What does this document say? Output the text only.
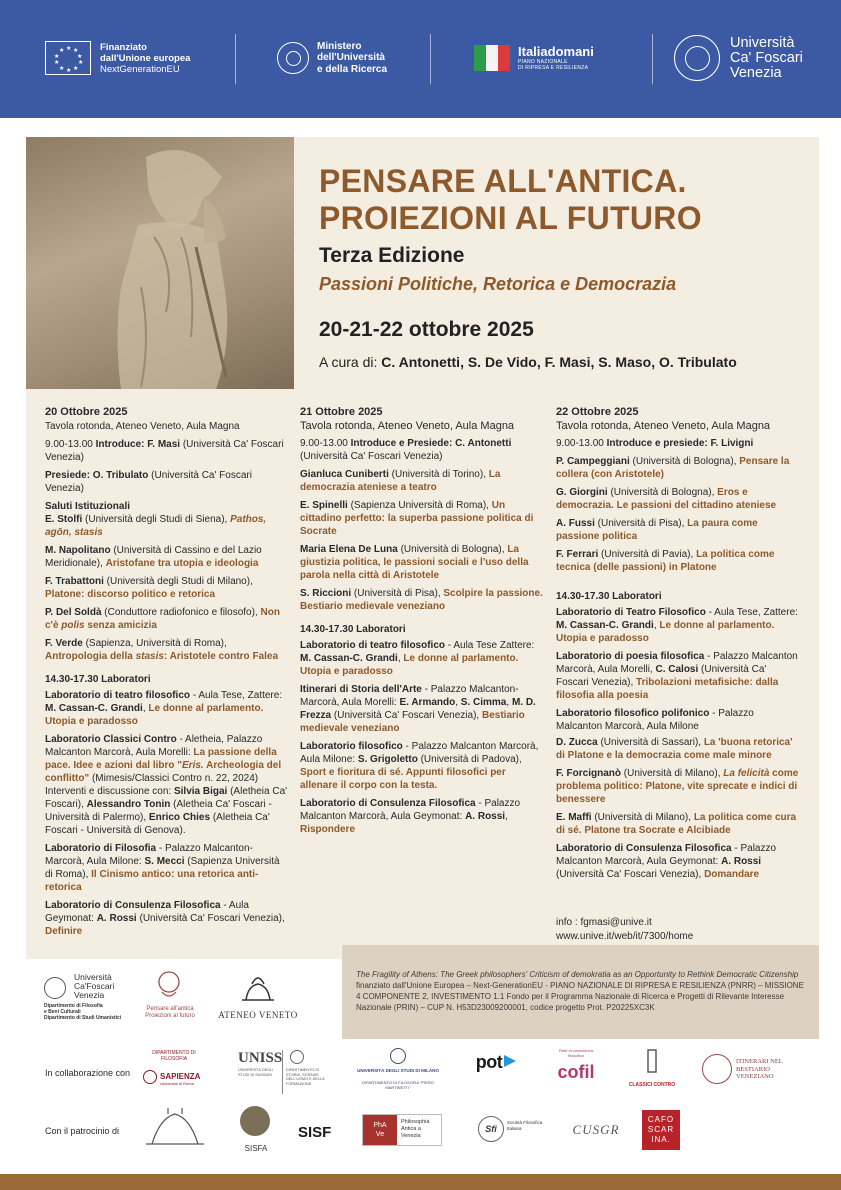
★ ★
★
★
★
★
★
★
★
★	Finanziato
dall'Unione europea
NextGenerationEU
Ministero
dell'Università
e della Ricerca
Italiadomani
PIANO NAZIONALE
DI RIPRESA E RESILIENZA
Università
Ca' Foscari
Venezia
PENSARE ALL'ANTICA.
PROIEZIONI AL FUTURO
Terza Edizione
Passioni Politiche, Retorica e Democrazia
20-21-22 ottobre 2025
A cura di: C. Antonetti, S. De Vido, F. Masi, S. Maso, O. Tribulato
20 Ottobre 2025
Tavola rotonda, Ateneo Veneto, Aula Magna

9.00-13.00 Introduce: F. Masi (Università Ca' Foscari Venezia)

Presiede: O. Tribulato (Università Ca' Foscari Venezia)

Saluti Istituzionali

E. Stolfi (Università degli Studi di Siena), Pathos, agōn, stasis

M. Napolitano (Università di Cassino e del Lazio Meridionale), Aristofane tra utopia e ideologia

F. Trabattoni (Università degli Studi di Milano), Platone: discorso politico e retorica

P. Del Soldà (Conduttore radiofonico e filosofo), Non c'è polis senza amicizia

F. Verde (Sapienza, Università di Roma), Antropologia della stasis: Aristotele contro Falea

14.30-17.30 Laboratori

Laboratorio di teatro filosofico - Aula Tese, Zattere: M. Cassan-C. Grandi, Le donne al parlamento. Utopia e paradosso

Laboratorio Classici Contro - Aletheia, Palazzo Malcanton Marcorà, Aula Morelli: La passione della pace. Idee e azioni dal libro "Eris. Archeologia del conflitto" (Mimesis/Classici Contro n. 22, 2024) Interventi e discussione con: Silvia Bigai (Aletheia Ca' Foscari), Alessandro Tonin (Aletheia Ca' Foscari - Università di Palermo), Enrico Chies (Aletheia Ca' Foscari - Università di Genova).

Laboratorio di Filosofia - Palazzo Malcanton-Marcorà, Aula Milone: S. Mecci (Sapienza Università di Roma), Il Cinismo antico: una retorica anti-retorica

Laboratorio di Consulenza Filosofica - Aula Geymonat: A. Rossi (Università Ca' Foscari Venezia), Definire

21 Ottobre 2025
Tavola rotonda, Ateneo Veneto, Aula Magna

9.00-13.00 Introduce e Presiede: C. Antonetti (Università Ca' Foscari Venezia)

Gianluca Cuniberti (Università di Torino), La democrazia ateniese a teatro

E. Spinelli (Sapienza Università di Roma), Un cittadino perfetto: la superba passione politica di Socrate

Maria Elena De Luna (Università di Bologna), La giustizia politica, le passioni sociali e l'uso della parola nella città di Aristotele

S. Riccioni (Università di Pisa), Scolpire la passione. Bestiario medievale veneziano

14.30-17.30 Laboratori

Laboratorio di teatro filosofico - Aula Tese Zattere: M. Cassan-C. Grandi, Le donne al parlamento. Utopia e paradosso

Itinerari di Storia dell'Arte - Palazzo Malcanton-Marcorà, Aula Morelli: E. Armando, S. Cimma, M. D. Frezza (Università Ca' Foscari Venezia), Bestiario medievale veneziano

Laboratorio filosofico - Palazzo Malcanton Marcorà, Aula Milone: S. Grigoletto (Università di Padova), Sport e fioritura di sé. Appunti filosofici per allenare il corpo con la testa.

Laboratorio di Consulenza Filosofica - Palazzo Malcanton Marcorà, Aula Geymonat: A. Rossi, Rispondere

22 Ottobre 2025
Tavola rotonda, Ateneo Veneto, Aula Magna

9.00-13.00 Introduce e presiede: F. Livigni

P. Campeggiani (Università di Bologna), Pensare la collera (con Aristotele)

G. Giorgini (Università di Bologna), Eros e democrazia. Le passioni del cittadino ateniese

A. Fussi (Università di Pisa), La paura come passione politica

F. Ferrari (Università di Pavia), La politica come tecnica (delle passioni) in Platone

14.30-17.30 Laboratori

Laboratorio di Teatro Filosofico - Aula Tese, Zattere: M. Cassan-C. Grandi, Le donne al parlamento. Utopia e paradosso

Laboratorio di poesia filosofica - Palazzo Malcanton Marcorà, Aula Morelli, C. Calosi (Università Ca' Foscari Venezia), Tribolazioni metafisiche: dalla filosofia alla poesia

Laboratorio filosofico polifonico - Palazzo Malcanton Marcorà, Aula Milone

D. Zucca (Università di Sassari), La 'buona retorica' di Platone e la democrazia come male minore

F. Forcignanò (Università di Milano), La felicità come problema politico: Platone, vite sprecate e indici di benessere

E. Maffi (Università di Milano), La politica come cura di sé. Platone tra Socrate e Alcibiade

Laboratorio di Consulenza Filosofica - Palazzo Malcanton Marcorà, Aula Geymonat: A. Rossi (Università Ca' Foscari Venezia), Domandare

info : fgmasi@unive.it
www.unive.it/web/it/7300/home
The Fragility of Athens: The Greek philosophers' Criticism of demokratia as an Opportunity to Rethink Democratic Citizenship finanziato dall'Unione Europea – Next-GenerationEU - PIANO NAZIONALE DI RIPRESA E RESILIENZA (PNRR) – MISSIONE 4 COMPONENTE 2, INVESTIMENTO 1.1 Fondo per il Programma Nazionale di Ricerca e Progetti di Rilevante Interesse Nazionale (PRIN) – CUP N. H53D23009200001, codice progetto Prot. P20225XC3K
Università
Ca'Foscari
Venezia
Dipartimento di Filosofia
e Beni Culturali
Dipartimento di Studi Umanistici
Pensare all'antica
Proiezioni al futuro	ATENEO VENETO
In collaborazione con
DIPARTIMENTO DI FILOSOFIA
SAPIENZA
Università di Roma
UNISS
UNIVERSITÀ DEGLI STUDI DI SASSARI
DIPARTIMENTO DI STORIA, SCIENZE DELL'UOMO E DELLA FORMAZIONE
UNIVERSITÀ DEGLI STUDI DI MILANO
DIPARTIMENTO DI FILOSOFIA "PIERO MARTINETTI"
pot
Rete di consulenza filosofica
cofil
CLASSICI CONTRO
ITINERARI NEL
BESTIARIO
VENEZIANO
Con il patrocinio di
SISFA
SISF	PhA
Ve
Philosophia Antica a Venezia
Sfi
Società Filosofica Italiana	CUSGR
CAFO
SCAR
INA.
